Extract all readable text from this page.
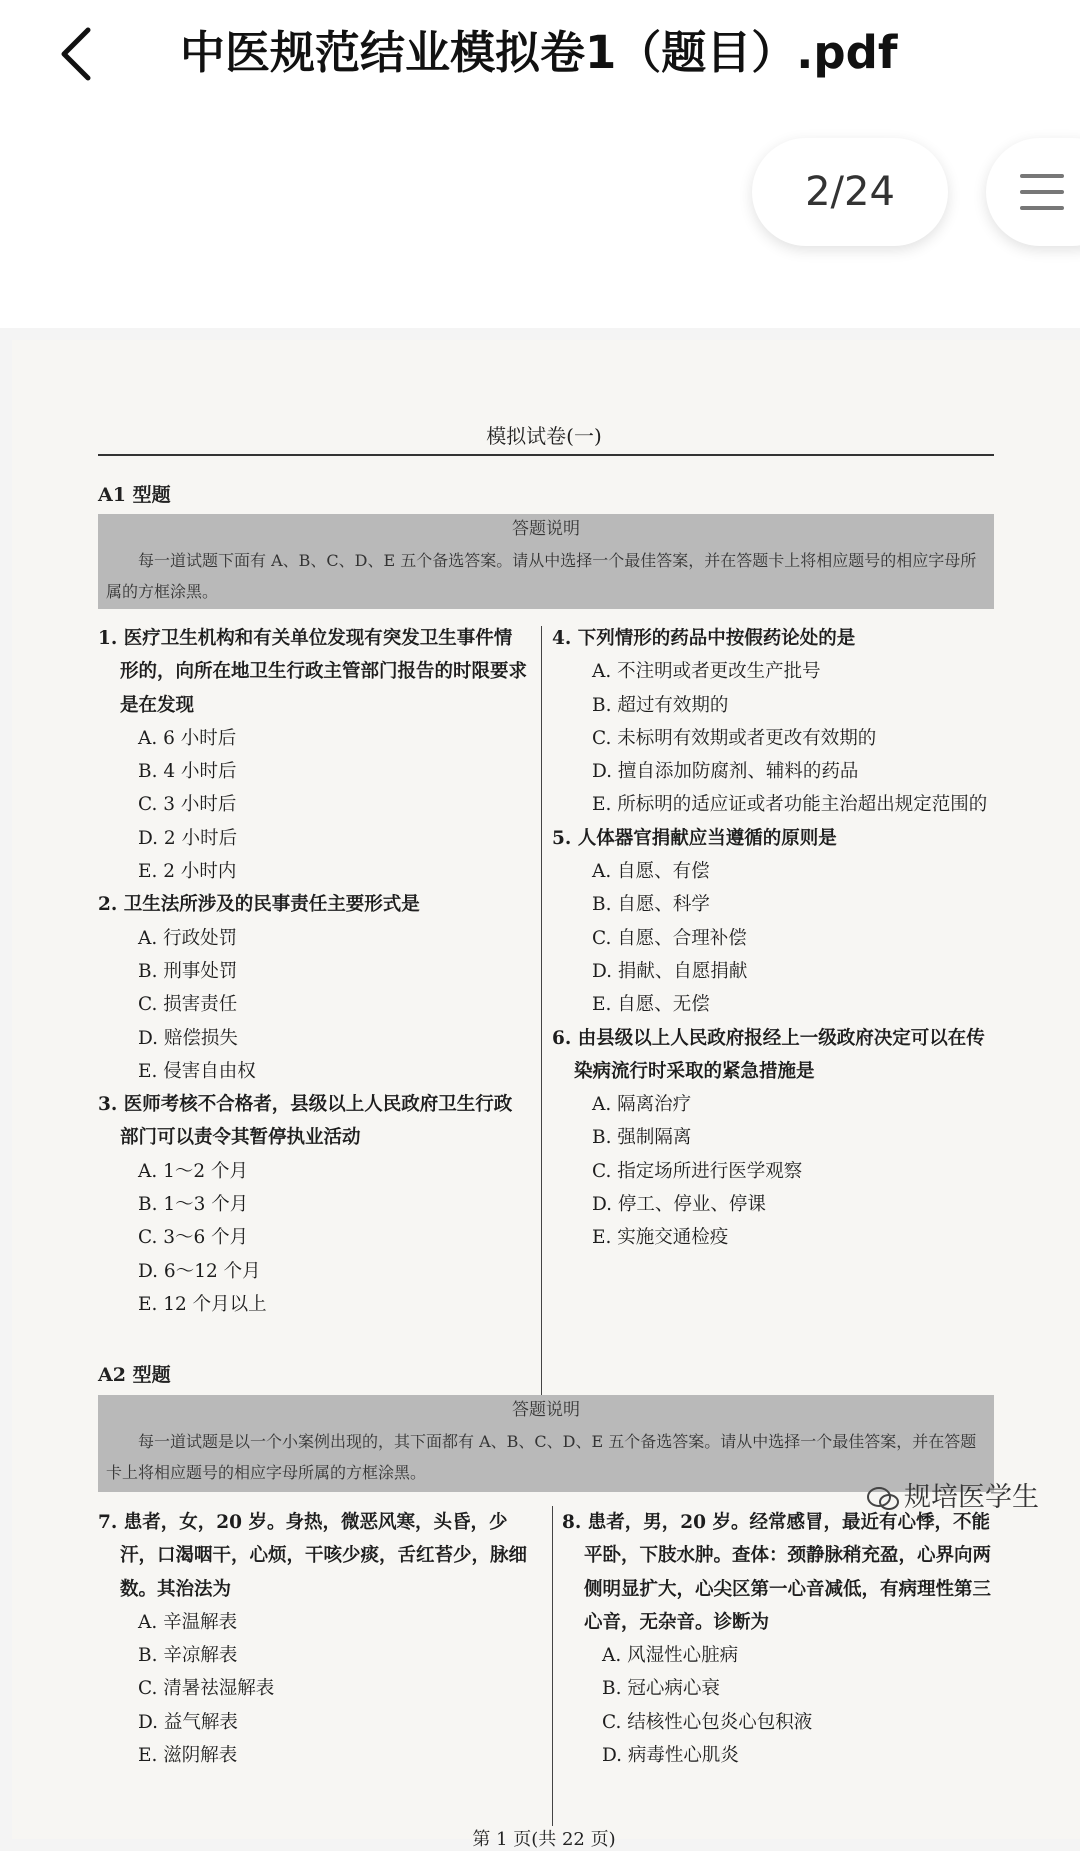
中医规范结业模拟卷1（题目）.pdf
2/24
模拟试卷(一)
A1 型题
答题说明
每一道试题下面有 A、B、C、D、E 五个备选答案。请从中选择一个最佳答案，并在答题卡上将相应题号的相应字母所属的方框涂黑。
1. 医疗卫生机构和有关单位发现有突发卫生事件情形的，向所在地卫生行政主管部门报告的时限要求是在发现
A. 6 小时后
B. 4 小时后
C. 3 小时后
D. 2 小时后
E. 2 小时内
2. 卫生法所涉及的民事责任主要形式是
A. 行政处罚
B. 刑事处罚
C. 损害责任
D. 赔偿损失
E. 侵害自由权
3. 医师考核不合格者，县级以上人民政府卫生行政部门可以责令其暂停执业活动
A. 1～2 个月
B. 1～3 个月
C. 3～6 个月
D. 6～12 个月
E. 12 个月以上
4. 下列情形的药品中按假药论处的是
A. 不注明或者更改生产批号
B. 超过有效期的
C. 未标明有效期或者更改有效期的
D. 擅自添加防腐剂、辅料的药品
E. 所标明的适应证或者功能主治超出规定范围的
5. 人体器官捐献应当遵循的原则是
A. 自愿、有偿
B. 自愿、科学
C. 自愿、合理补偿
D. 捐献、自愿捐献
E. 自愿、无偿
6. 由县级以上人民政府报经上一级政府决定可以在传染病流行时采取的紧急措施是
A. 隔离治疗
B. 强制隔离
C. 指定场所进行医学观察
D. 停工、停业、停课
E. 实施交通检疫
A2 型题
答题说明
每一道试题是以一个小案例出现的，其下面都有 A、B、C、D、E 五个备选答案。请从中选择一个最佳答案，并在答题卡上将相应题号的相应字母所属的方框涂黑。
7. 患者，女，20 岁。身热，微恶风寒，头昏，少汗，口渴咽干，心烦，干咳少痰，舌红苔少，脉细数。其治法为
A. 辛温解表
B. 辛凉解表
C. 清暑祛湿解表
D. 益气解表
E. 滋阴解表
8. 患者，男，20 岁。经常感冒，最近有心悸，不能平卧，下肢水肿。查体：颈静脉稍充盈，心界向两侧明显扩大，心尖区第一心音减低，有病理性第三心音，无杂音。诊断为
A. 风湿性心脏病
B. 冠心病心衰
C. 结核性心包炎心包积液
D. 病毒性心肌炎
第 1 页(共 22 页)
规培医学生
